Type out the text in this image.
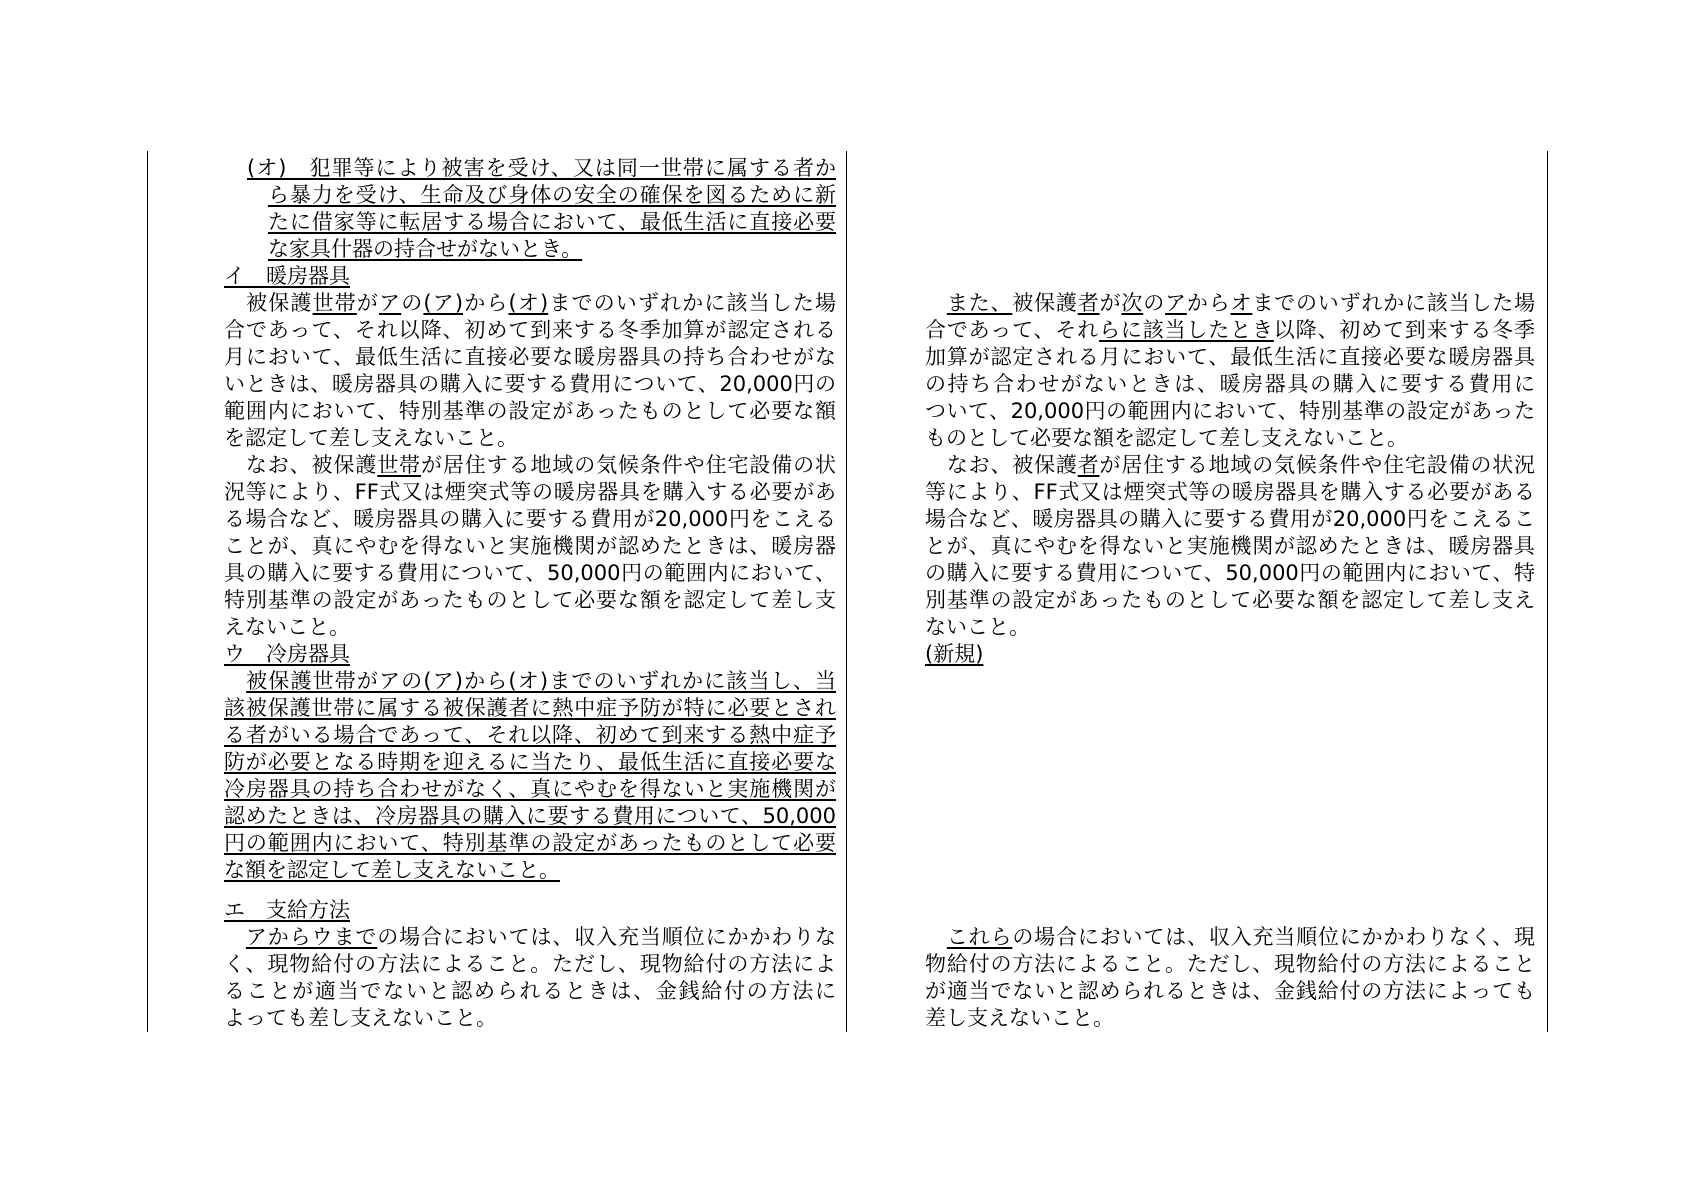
(オ)　犯罪等により被害を受け、又は同一世帯に属する者か
ら暴力を受け、生命及び身体の安全の確保を図るために新
たに借家等に転居する場合において、最低生活に直接必要
な家具什器の持合せがないとき。
イ　暖房器具
　被保護世帯がアの(ア)から(オ)までのいずれかに該当した場
合であって、それ以降、初めて到来する冬季加算が認定される
月において、最低生活に直接必要な暖房器具の持ち合わせがな
いときは、暖房器具の購入に要する費用について、20,000円の
範囲内において、特別基準の設定があったものとして必要な額
を認定して差し支えないこと。
　なお、被保護世帯が居住する地域の気候条件や住宅設備の状
況等により、FF式又は煙突式等の暖房器具を購入する必要があ
る場合など、暖房器具の購入に要する費用が20,000円をこえる
ことが、真にやむを得ないと実施機関が認めたときは、暖房器
具の購入に要する費用について、50,000円の範囲内において、
特別基準の設定があったものとして必要な額を認定して差し支
えないこと。
ウ　冷房器具
　被保護世帯がアの(ア)から(オ)までのいずれかに該当し、当
該被保護世帯に属する被保護者に熱中症予防が特に必要とされ
る者がいる場合であって、それ以降、初めて到来する熱中症予
防が必要となる時期を迎えるに当たり、最低生活に直接必要な
冷房器具の持ち合わせがなく、真にやむを得ないと実施機関が
認めたときは、冷房器具の購入に要する費用について、50,000
円の範囲内において、特別基準の設定があったものとして必要
な額を認定して差し支えないこと。
エ　支給方法
　アからウまでの場合においては、収入充当順位にかかわりな
く、現物給付の方法によること。ただし、現物給付の方法によ
ることが適当でないと認められるときは、金銭給付の方法に
よっても差し支えないこと。
　また、被保護者が次のアからオまでのいずれかに該当した場
合であって、それらに該当したとき以降、初めて到来する冬季
加算が認定される月において、最低生活に直接必要な暖房器具
の持ち合わせがないときは、暖房器具の購入に要する費用に
ついて、20,000円の範囲内において、特別基準の設定があった
ものとして必要な額を認定して差し支えないこと。
　なお、被保護者が居住する地域の気候条件や住宅設備の状況
等により、FF式又は煙突式等の暖房器具を購入する必要がある
場合など、暖房器具の購入に要する費用が20,000円をこえるこ
とが、真にやむを得ないと実施機関が認めたときは、暖房器具
の購入に要する費用について、50,000円の範囲内において、特
別基準の設定があったものとして必要な額を認定して差し支え
ないこと。
(新規)
　これらの場合においては、収入充当順位にかかわりなく、現
物給付の方法によること。ただし、現物給付の方法によること
が適当でないと認められるときは、金銭給付の方法によっても
差し支えないこと。
